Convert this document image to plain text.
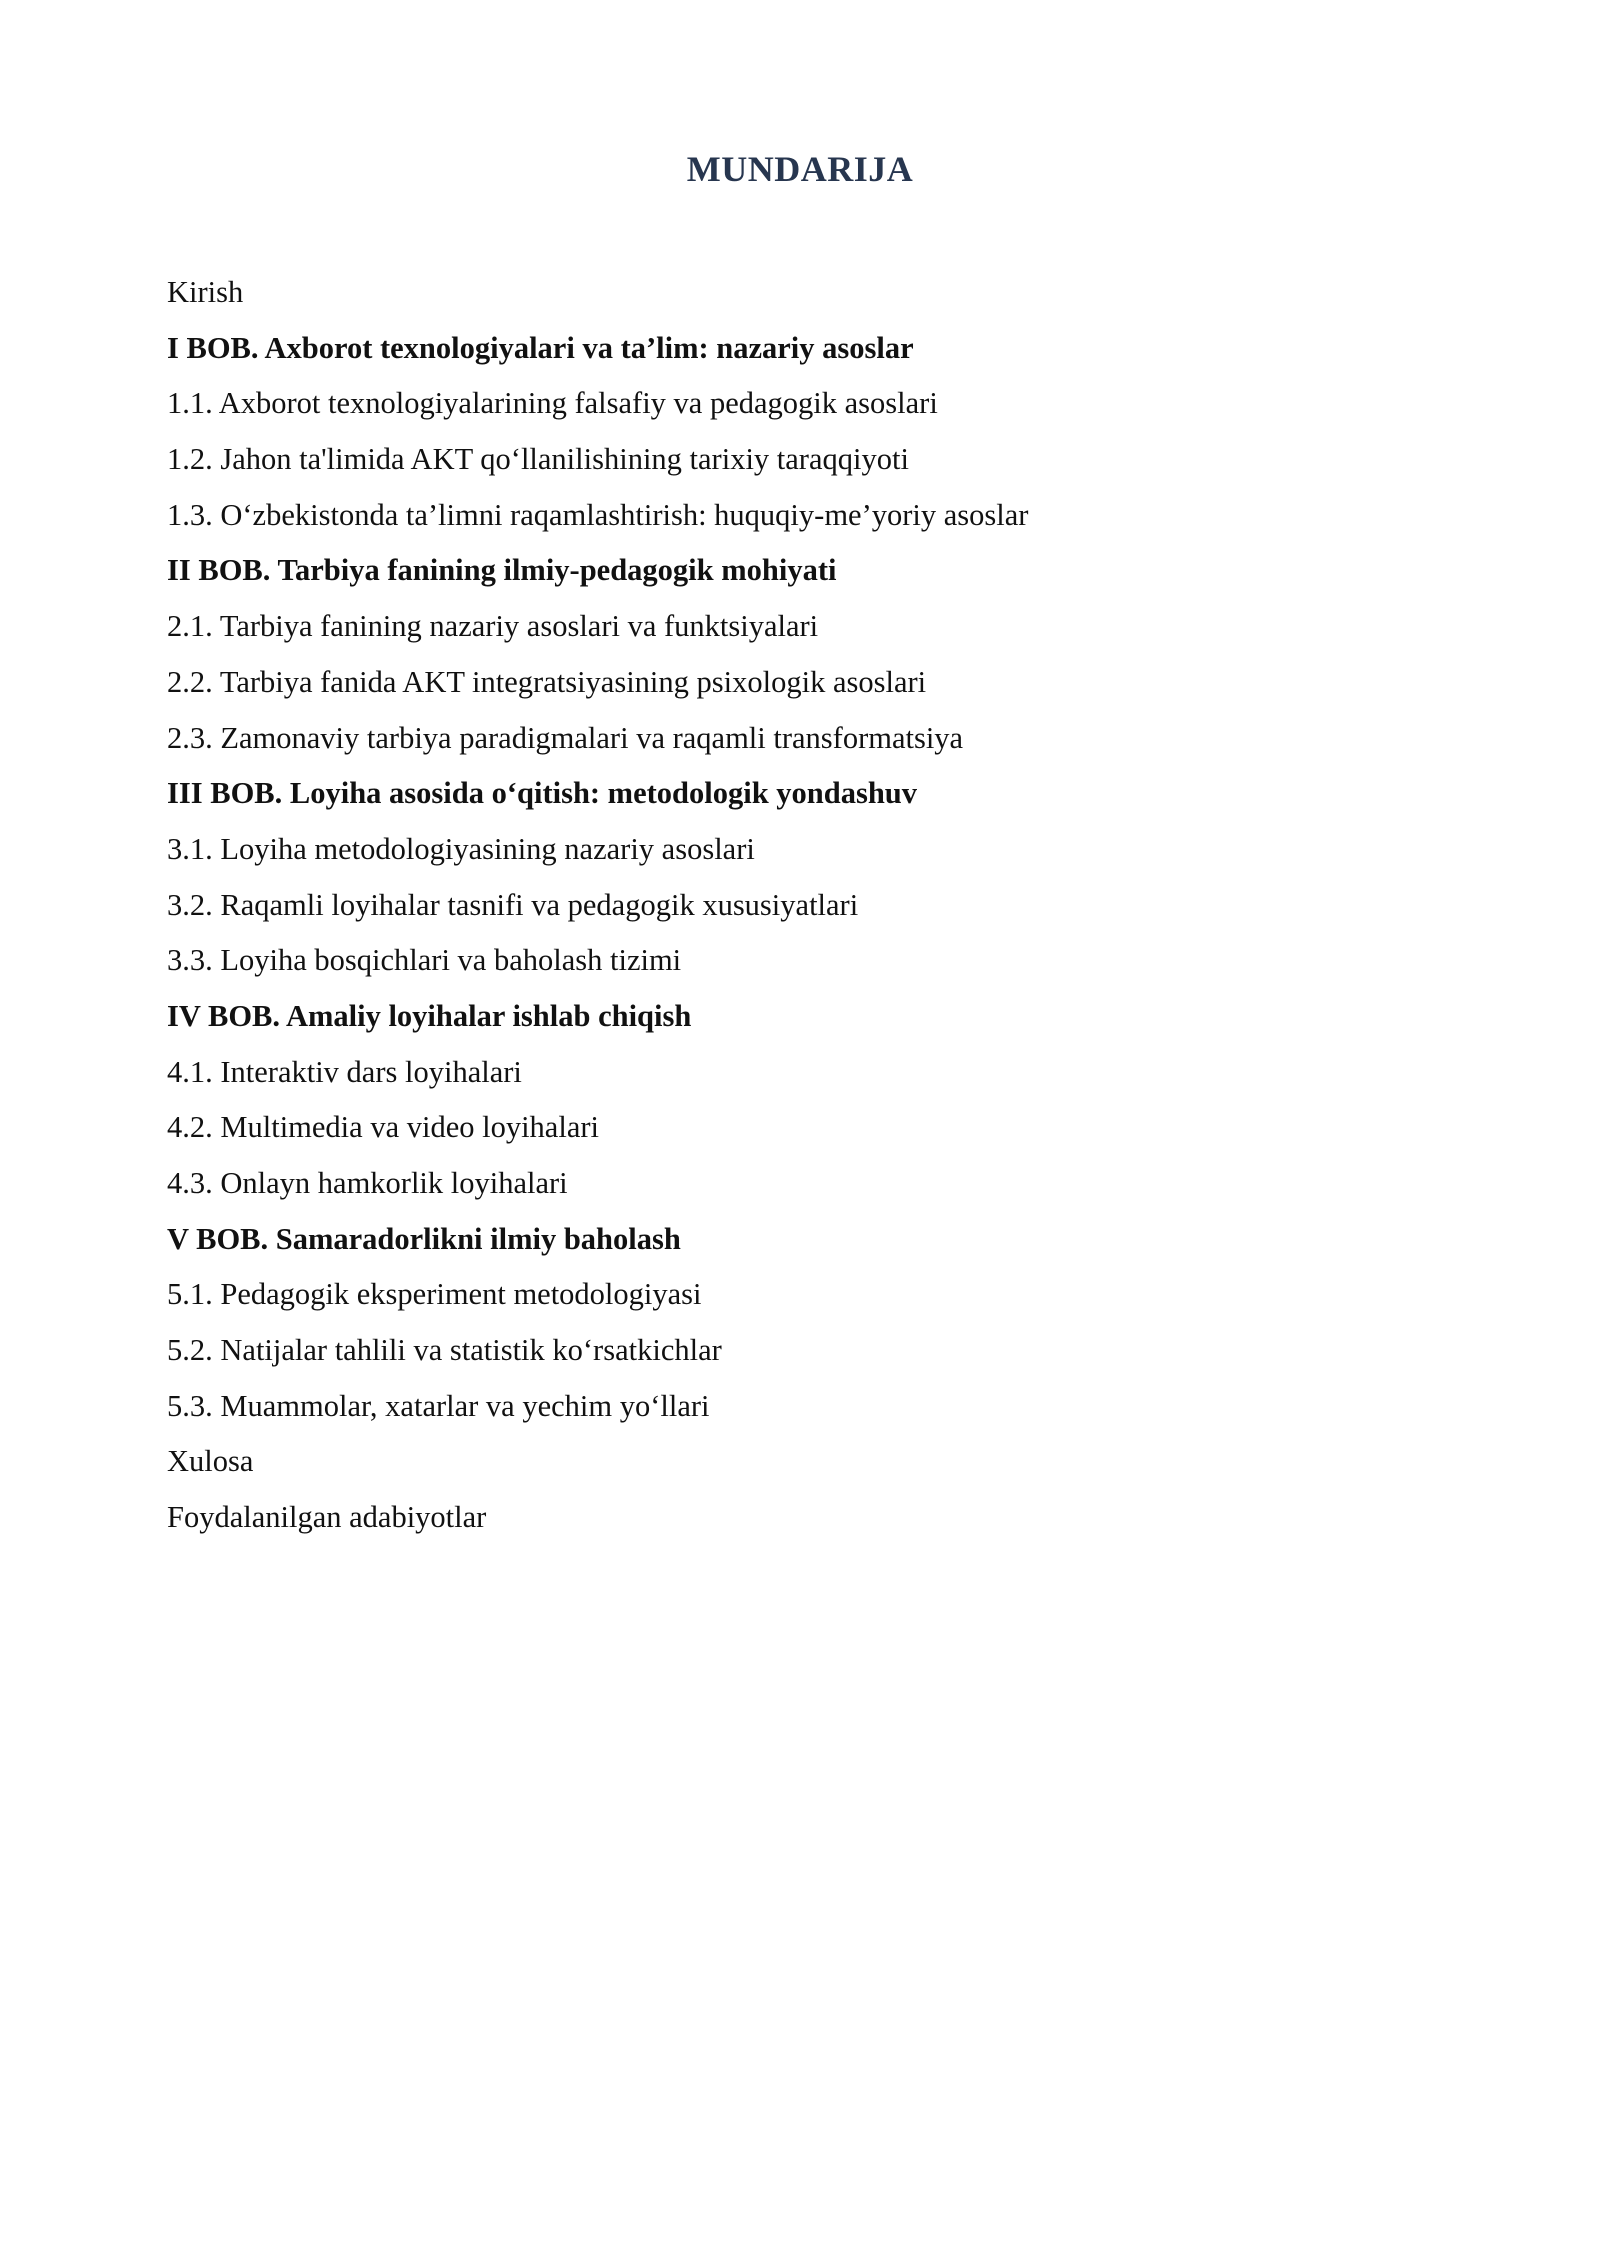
MUNDARIJA
Kirish
I BOB. Axborot texnologiyalari va ta’lim: nazariy asoslar
1.1. Axborot texnologiyalarining falsafiy va pedagogik asoslari
1.2. Jahon ta'limida AKT qo‘llanilishining tarixiy taraqqiyoti
1.3. O‘zbekistonda ta’limni raqamlashtirish: huquqiy-me’yoriy asoslar
II BOB. Tarbiya fanining ilmiy-pedagogik mohiyati
2.1. Tarbiya fanining nazariy asoslari va funktsiyalari
2.2. Tarbiya fanida AKT integratsiyasining psixologik asoslari
2.3. Zamonaviy tarbiya paradigmalari va raqamli transformatsiya
III BOB. Loyiha asosida o‘qitish: metodologik yondashuv
3.1. Loyiha metodologiyasining nazariy asoslari
3.2. Raqamli loyihalar tasnifi va pedagogik xususiyatlari
3.3. Loyiha bosqichlari va baholash tizimi
IV BOB. Amaliy loyihalar ishlab chiqish
4.1. Interaktiv dars loyihalari
4.2. Multimedia va video loyihalari
4.3. Onlayn hamkorlik loyihalari
V BOB. Samaradorlikni ilmiy baholash
5.1. Pedagogik eksperiment metodologiyasi
5.2. Natijalar tahlili va statistik ko‘rsatkichlar
5.3. Muammolar, xatarlar va yechim yo‘llari
Xulosa
Foydalanilgan adabiyotlar
